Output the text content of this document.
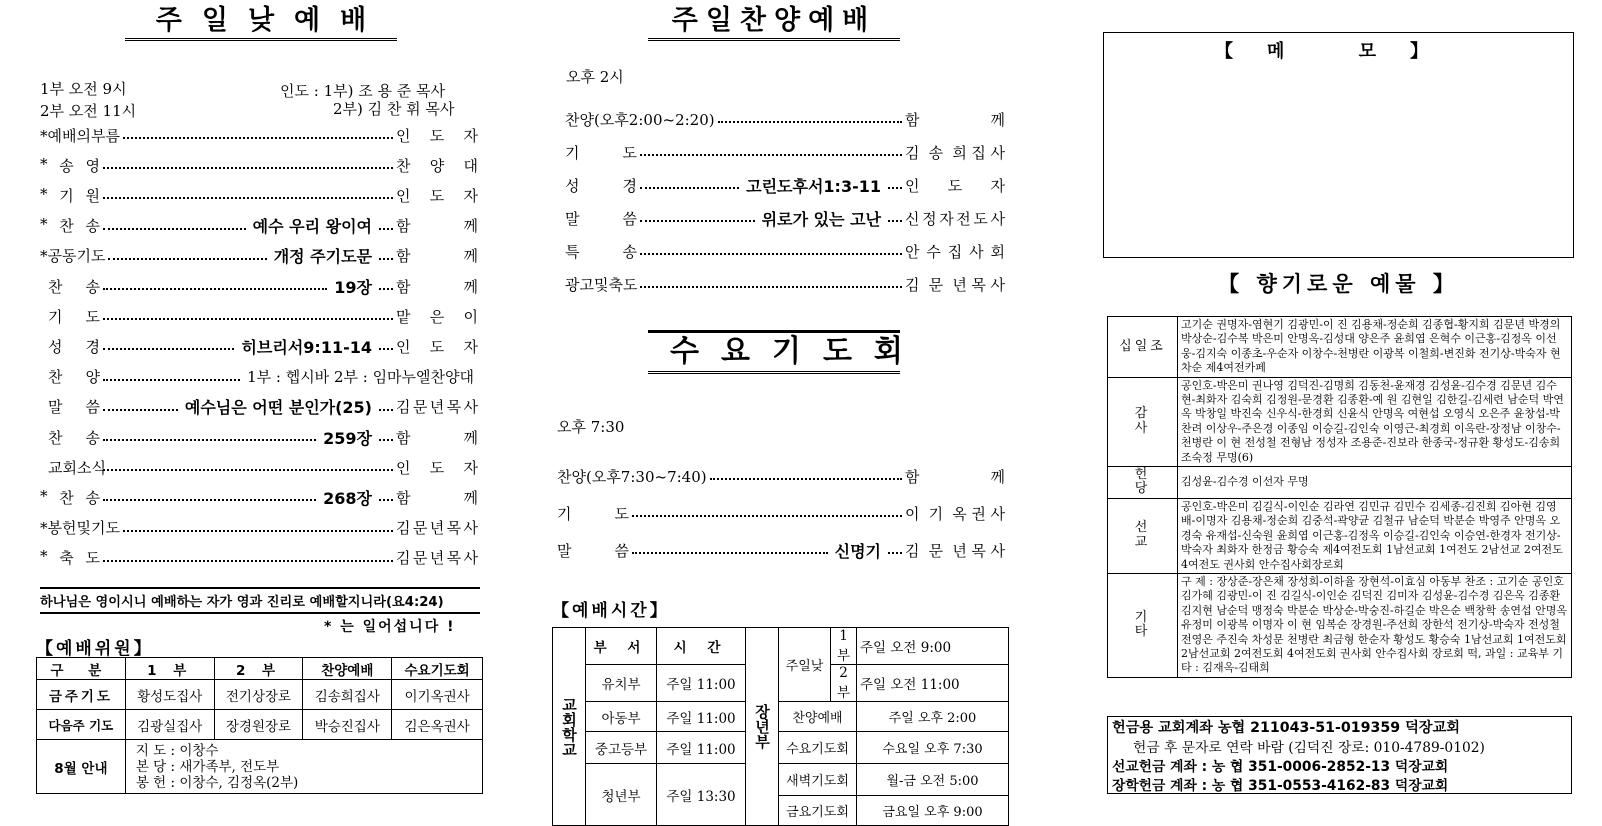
주일낮예배
1부 오전 9시
2부 오전 11시
인도 : 1부) 조 용 준 목사
2부) 김 찬 휘 목사
*예배의부름	인 도 자
* 송 영	찬 양 대
* 기 원	인 도 자
* 찬 송	예수 우리 왕이여 함	께
*공동기도	개정 주기도문 함	께
찬 송	19장 함	께
기 도	맡 은 이
성 경	히브리서9:11-14 인 도 자
찬 양	1부 : 헵시바 2부 : 임마누엘찬양대
말 씀	예수님은 어떤 분인가(25) 김 문 년 목 사
찬 송	259장 함	께
교 회 소 식	인 도 자
* 찬 송	268장 함	께
*봉헌및기도	김 문 년 목 사
* 축 도	김 문 년 목 사
하나님은 영이시니 예배하는 자가 영과 진리로 예배할지니라(요4:24)
* 는 일어섭니다 !
【예배위원】
구 분	1 부	2 부	찬양예배	수요기도회
금주기도	황성도집사	전기상장로	김송희집사	이기옥권사
다음주 기도	김광실집사	장경원장로	박승진집사	김은옥권사
8월 안내	지 도 : 이창수
본 당 : 새가족부, 전도부
봉 헌 : 이창수, 김정옥(2부)			
주일찬양예배
오후 2시
찬양(오후2:00~2:20)	함	께
기	도	김 송 희 집 사
성	경	고린도후서1:3-11 인 도 자
말	씀	위로가 있는 고난 신 정 자 전 도 사
특	송	안 수 집 사 회
광고및축도	김 문 년 목 사
수요기도회
오후 7:30
찬양(오후7:30~7:40)	함	께
기	도	이 기 옥 권 사
말	씀	신명기 김 문 년 목 사
【예배시간】
교회학교	부 서	시 간	장년부	주일낮	1부	주일 오전 9:00
	유치부	주일 11:00			2부	주일 오전 11:00
	아동부	주일 11:00		찬양예배		주일 오후 2:00
	중고등부	주일 11:00		수요기도회		수요일 오후 7:30
	청년부	주일 13:30		새벽기도회		월-금 오전 5:00
				금요기도회		금요일 오후 9:00
【메 모】
【 향기로운 예물 】
십일조	고기순 권명자-염현기 김광민-이 진 김용채-정순희 김종협-황지희 김문년 박경의 박상순-김수복 박은미 안명옥-김성대 양은주 윤희엽 은혁수 이근홍-김정옥 이선웅-김지숙 이종초-우순자 이창수-천병란 이광복 이철희-변진화 전기상-박숙자 현차순 제4여전카페
감사	공인호-박은미 권나영 김덕진-김명희 김동천-윤재경 김성윤-김수경 김문년 김수현-최화자 김숙희 김정원-문경환 김종환-예 원 김현일 김한길-김세련 남순덕 박연옥 박창일 박진숙 신우식-한경희 신윤식 안명옥 여현섭 오영식 오은주 윤창섭-박찬려 이상우-주은경 이종임 이승길-김인숙 이영근-최경희 이옥란-장정남 이창수-천병란 이 현 전성철 전형남 정성자 조용준-진보라 한종국-정규환 황성도-김송희 조숙정 무명(6)
헌당	김성윤-김수경 이선자 무명
선교	공인호-박은미 김길식-이인순 김라연 김민규 김민수 김세종-김진희 김아현 김영배-이명자 김용채-정순희 김중석-곽양균 김철규 남순덕 박분순 박영주 안명옥 오경숙 유재섭-신숙원 윤희엽 이근홍-김정옥 이승길-김인숙 이승연-한경자 전기상-박숙자 최화자 한정금 황승숙 제4여전도회 1남선교회 1여전도 2남선교 2여전도 4여전도 권사회 안수집사회장로회
기타	구 제 : 장상준-장은채 장성희-이하율 장현석-이효심 아동부 찬조 : 고기순 공인호 김가혜 김광민-이 진 김길식-이인순 김덕진 김미자 김성윤-김수경 김은옥 김종환 김지현 남순덕 맹정숙 박분순 박상순-박숭진-하길순 박은순 백창학 송연섭 안명옥 유정미 이광복 이명자 이 현 임복순 장경원-주선희 장한석 전기상-박숙자 전성철 전영은 주진숙 차성문 천병란 최금형 한순자 황성도 황승숙 1남선교회 1여전도회 2남선교회 2여전도회 4여전도회 권사회 안수집사회 장로회 떡, 과일 : 교육부 기 타 : 김재옥-김태희
헌금용 교회계좌 농협 211043-51-019359 덕장교회
헌금 후 문자로 연락 바람 (김덕진 장로: 010-4789-0102)
선교헌금 계좌 : 농 협 351-0006-2852-13 덕장교회
장학헌금 계좌 : 농 협 351-0553-4162-83 덕장교회
